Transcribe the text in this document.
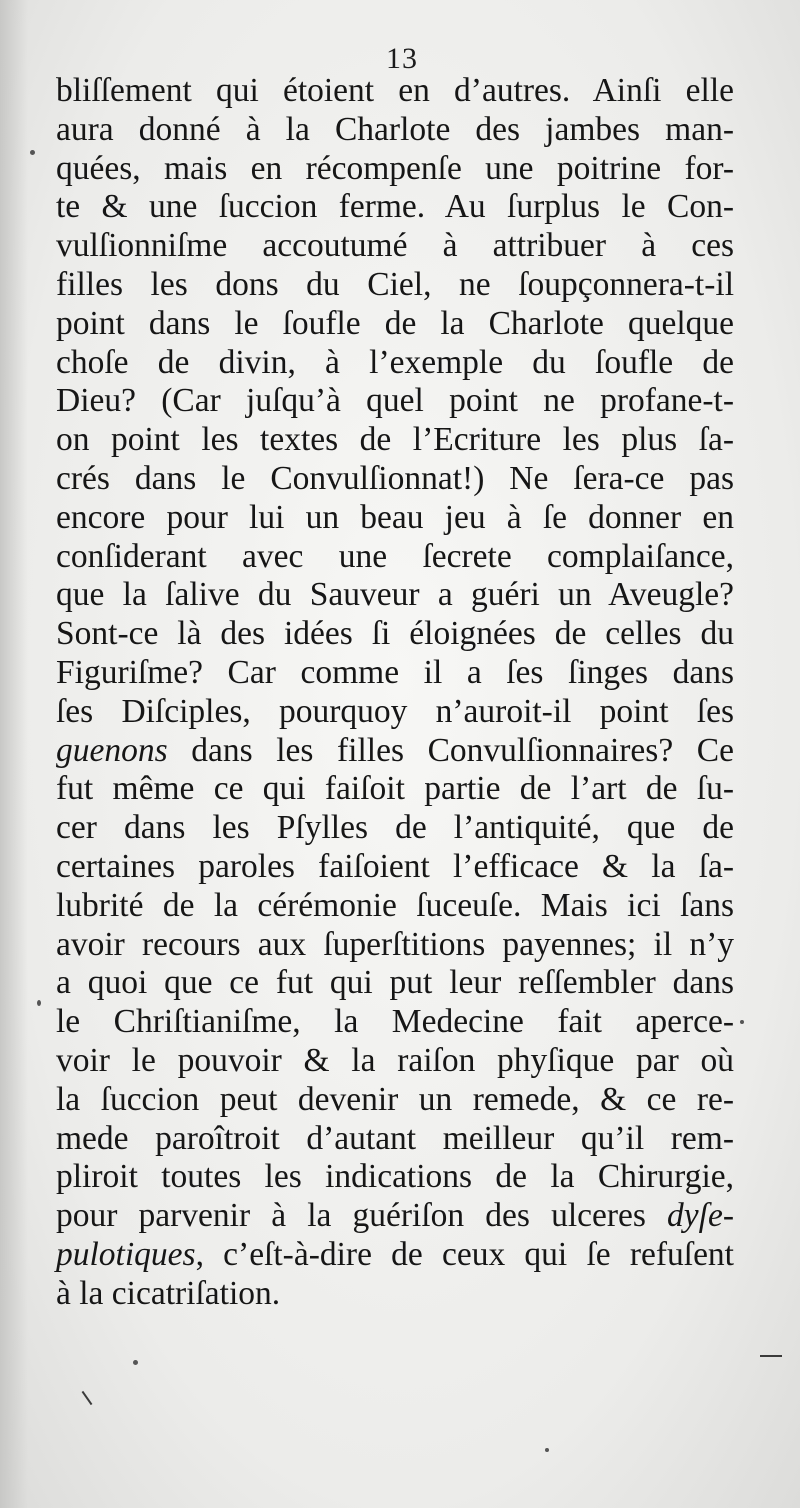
13
bliſſement qui étoient en d’autres. Ainſi elle
aura donné à la Charlote des jambes man-
quées, mais en récompenſe une poitrine for-
te & une ſuccion ferme. Au ſurplus le Con-
vulſionniſme accoutumé à attribuer à ces
filles les dons du Ciel, ne ſoupçonnera-t-il
point dans le ſoufle de la Charlote quelque
choſe de divin, à l’exemple du ſoufle de
Dieu? (Car juſqu’à quel point ne profane-t-
on point les textes de l’Ecriture les plus ſa-
crés dans le Convulſionnat!) Ne ſera-ce pas
encore pour lui un beau jeu à ſe donner en
conſiderant avec une ſecrete complaiſance,
que la ſalive du Sauveur a guéri un Aveugle?
Sont-ce là des idées ſi éloignées de celles du
Figuriſme? Car comme il a ſes ſinges dans
ſes Diſciples, pourquoy n’auroit-il point ſes
guenons dans les filles Convulſionnaires? Ce
fut même ce qui faiſoit partie de l’art de ſu-
cer dans les Pſylles de l’antiquité, que de
certaines paroles faiſoient l’efficace & la ſa-
lubrité de la cérémonie ſuceuſe. Mais ici ſans
avoir recours aux ſuperſtitions payennes; il n’y
a quoi que ce fut qui put leur reſſembler dans
le Chriſtianiſme, la Medecine fait aperce-
voir le pouvoir & la raiſon phyſique par où
la ſuccion peut devenir un remede, & ce re-
mede paroîtroit d’autant meilleur qu’il rem-
pliroit toutes les indications de la Chirurgie,
pour parvenir à la guériſon des ulceres dyſe-
pulotiques, c’eſt-à-dire de ceux qui ſe refuſent
à la cicatriſation.
